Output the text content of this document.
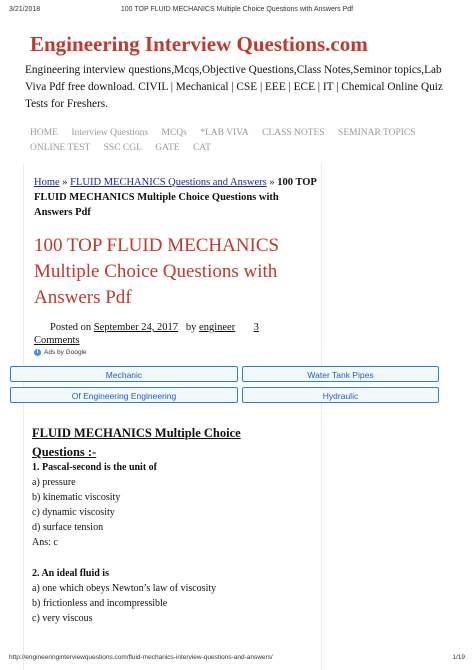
3/21/2018	100 TOP FLUID MECHANICS Multiple Choice Questions with Answers Pdf
Engineering Interview Questions.com
Engineering interview questions,Mcqs,Objective Questions,Class Notes,Seminor topics,Lab Viva Pdf free download. CIVIL | Mechanical | CSE | EEE | ECE | IT | Chemical Online Quiz Tests for Freshers.
HOME Interview Questions MCQs *LAB VIVA CLASS NOTES SEMINAR TOPICS
ONLINE TEST SSC CGL GATE CAT
Home » FLUID MECHANICS Questions and Answers » 100 TOP FLUID MECHANICS Multiple Choice Questions with Answers Pdf
100 TOP FLUID MECHANICS Multiple Choice Questions with Answers Pdf
Posted on September 24, 2017 by engineer 3
Comments
i Ads by Google
Mechanic	Water Tank Pipes
Of Engineering Engineering	Hydraulic
FLUID MECHANICS Multiple Choice
Questions :-
1. Pascal-second is the unit of
a) pressure
b) kinematic viscosity
c) dynamic viscosity
d) surface tension
Ans: c
2. An ideal fluid is
a) one which obeys Newton’s law of viscosity
b) frictionless and incompressible
c) very viscous
http://engineeringinterviewquestions.com/fluid-mechanics-interview-questions-and-answers/	1/19
